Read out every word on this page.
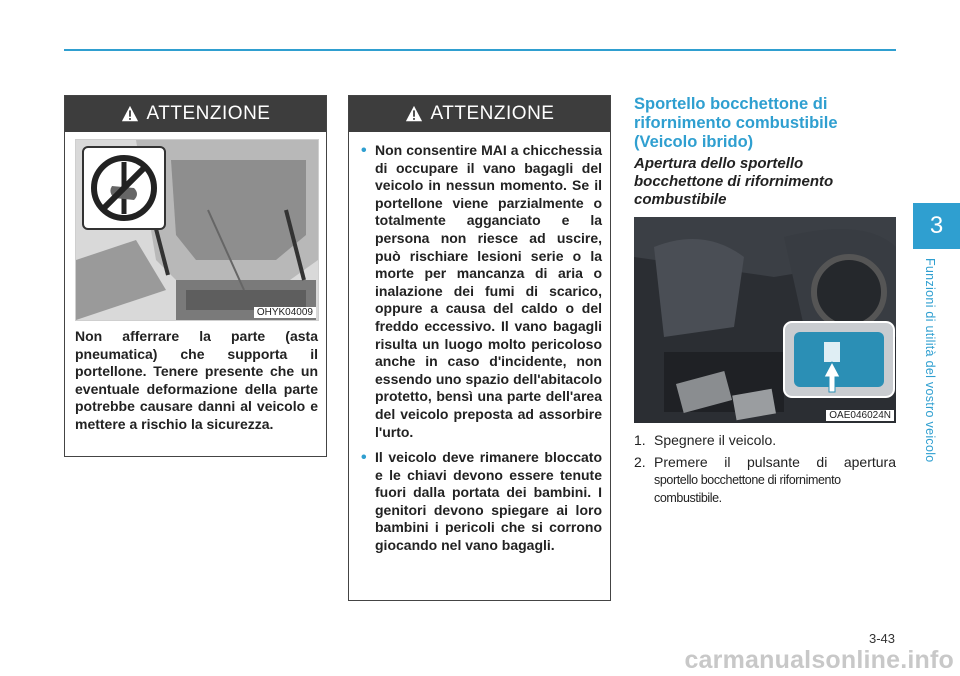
ATTENZIONE
OHYK04009
Non afferrare la parte (asta pneumatica) che supporta il portellone. Tenere presente che un eventuale deformazione della parte potrebbe causare danni al veicolo e mettere a rischio la sicurezza.
ATTENZIONE
• Non consentire MAI a chicchessia di occupare il vano bagagli del veicolo in nessun momento. Se il portellone viene parzialmente o totalmente agganciato e la persona non riesce ad uscire, può rischiare lesioni serie o la morte per mancanza di aria o inalazione dei fumi di scarico, oppure a causa del caldo o del freddo eccessivo. Il vano bagagli risulta un luogo molto pericoloso anche in caso d'incidente, non essendo uno spazio dell'abitacolo protetto, bensì una parte dell'area del veicolo preposta ad assorbire l'urto.
• Il veicolo deve rimanere bloccato e le chiavi devono essere tenute fuori dalla portata dei bambini. I genitori devono spiegare ai loro bambini i pericoli che si corrono giocando nel vano bagagli.
Sportello bocchettone di rifornimento combustibile (Veicolo ibrido)
Apertura dello sportello bocchettone di rifornimento combustibile
OAE046024N
1. Spegnere il veicolo.
2. Premere il pulsante di apertura
sportello bocchettone di rifornimento combustibile.
3
Funzioni di utilità del vostro veicolo
3-43
carmanualsonline.info
